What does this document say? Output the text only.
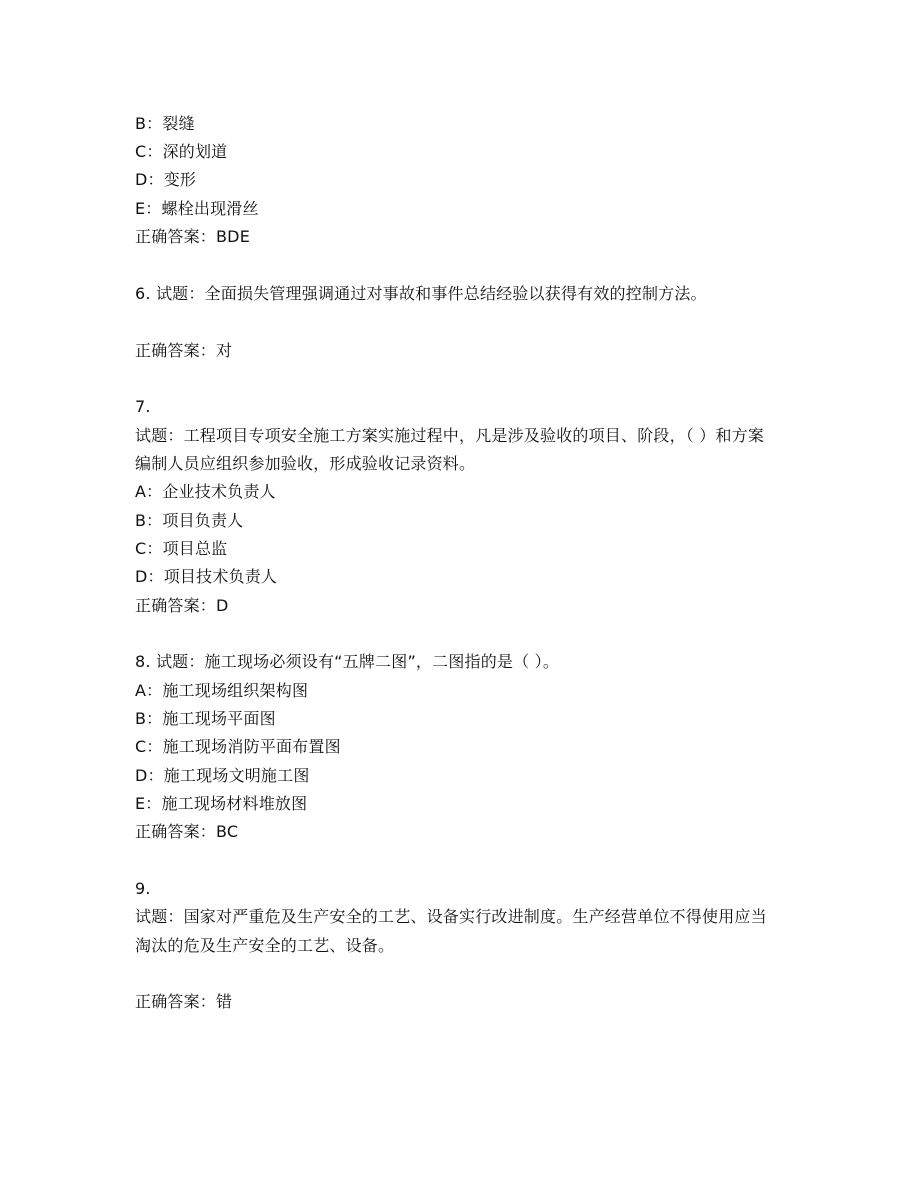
B：裂缝
C：深的划道
D：变形
E：螺栓出现滑丝
正确答案：BDE
6. 试题：全面损失管理强调通过对事故和事件总结经验以获得有效的控制方法。
正确答案：对
7.
试题：工程项目专项安全施工方案实施过程中，凡是涉及验收的项目、阶段，（ ）和方案
编制人员应组织参加验收，形成验收记录资料。
A：企业技术负责人
B：项目负责人
C：项目总监
D：项目技术负责人
正确答案：D
8. 试题：施工现场必须设有“五牌二图”，二图指的是（ ）。
A：施工现场组织架构图
B：施工现场平面图
C：施工现场消防平面布置图
D：施工现场文明施工图
E：施工现场材料堆放图
正确答案：BC
9.
试题：国家对严重危及生产安全的工艺、设备实行改进制度。生产经营单位不得使用应当
淘汰的危及生产安全的工艺、设备。
正确答案：错
